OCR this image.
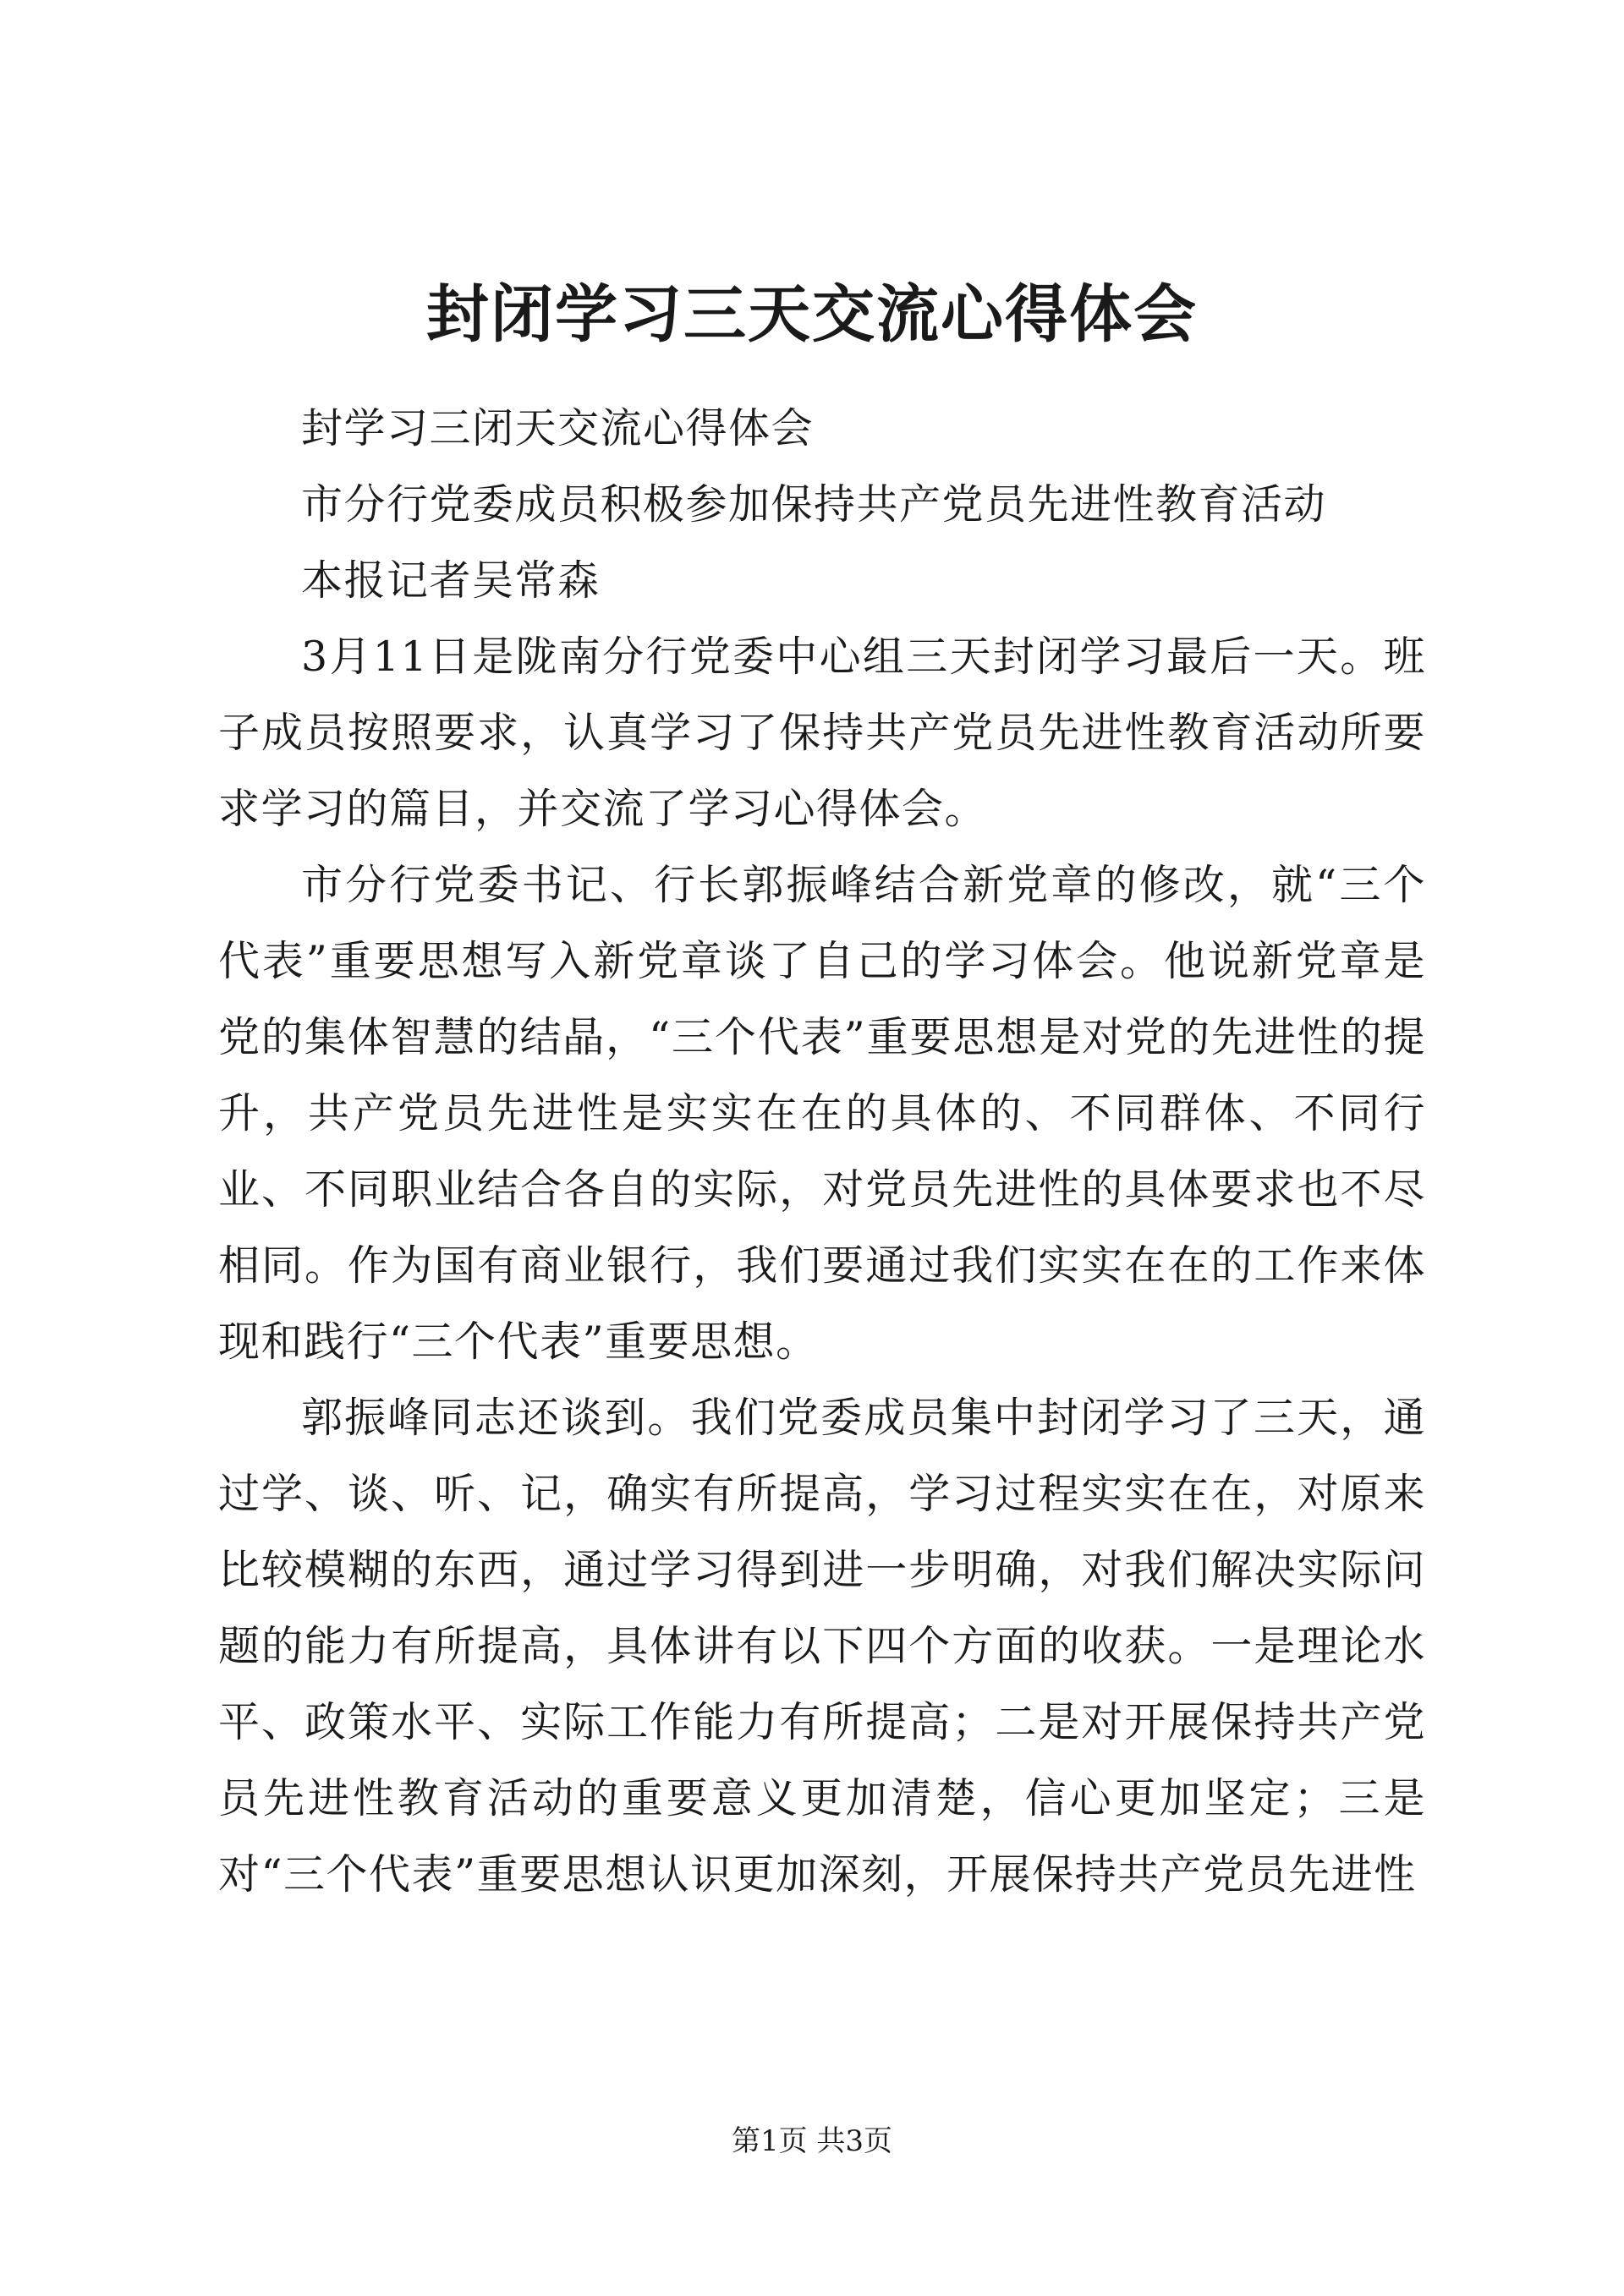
封闭学习三天交流心得体会

封学习三闭天交流心得体会

市分行党委成员积极参加保持共产党员先进性教育活动

本报记者吴常森

3月11日是陇南分行党委中心组三天封闭学习最后一天。班子成员按照要求，认真学习了保持共产党员先进性教育活动所要求学习的篇目，并交流了学习心得体会。

市分行党委书记、行长郭振峰结合新党章的修改，就“三个代表”重要思想写入新党章谈了自己的学习体会。他说新党章是党的集体智慧的结晶，“三个代表”重要思想是对党的先进性的提升，共产党员先进性是实实在在的具体的、不同群体、不同行业、不同职业结合各自的实际，对党员先进性的具体要求也不尽相同。作为国有商业银行，我们要通过我们实实在在的工作来体现和践行“三个代表”重要思想。

郭振峰同志还谈到。我们党委成员集中封闭学习了三天，通过学、谈、听、记，确实有所提高，学习过程实实在在，对原来比较模糊的东西，通过学习得到进一步明确，对我们解决实际问题的能力有所提高，具体讲有以下四个方面的收获。一是理论水平、政策水平、实际工作能力有所提高；二是对开展保持共产党员先进性教育活动的重要意义更加清楚，信心更加坚定；三是对“三个代表”重要思想认识更加深刻，开展保持共产党员先进性

第1页 共3页
